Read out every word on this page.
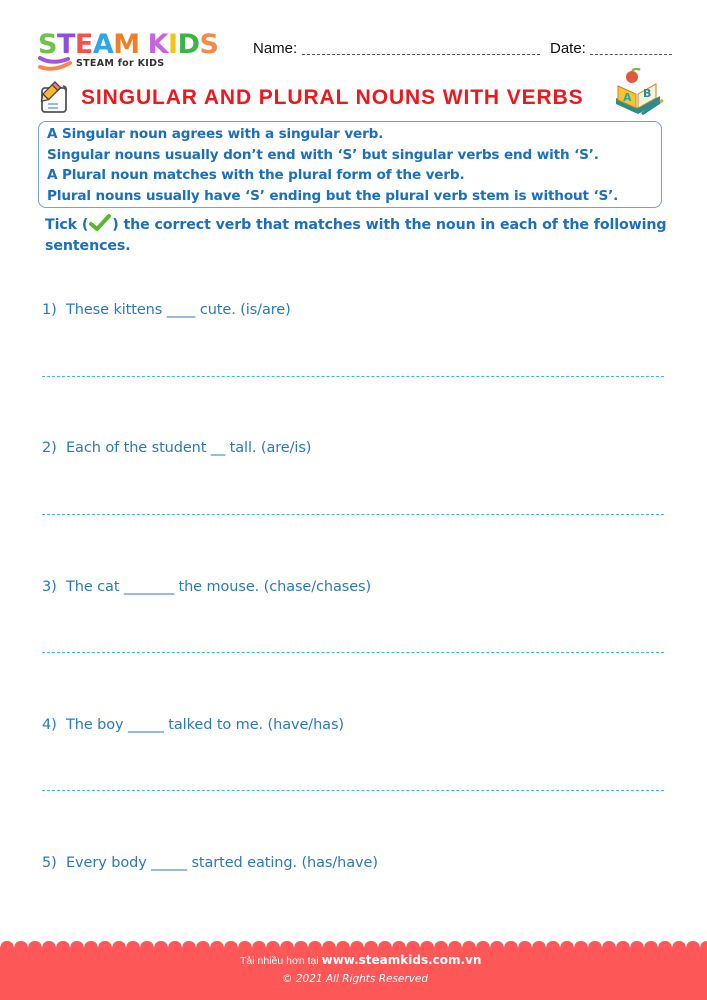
STEAM KIDS
STEAM for KIDS
Name:	Date:
SINGULAR AND PLURAL NOUNS WITH VERBS	A B
A Singular noun agrees with a singular verb.
Singular nouns usually don’t end with ‘S’ but singular verbs end with ‘S’.
A Plural noun matches with the plural form of the verb.
Plural nouns usually have ‘S’ ending but the plural verb stem is without ‘S’.
Tick ( ) the correct verb that matches with the noun in each of the following sentences.
1) These kittens ____ cute. (is/are)
2) Each of the student __ tall. (are/is)
3) The cat _______ the mouse. (chase/chases)
4) The boy _____ talked to me. (have/has)
5) Every body _____ started eating. (has/have)
Tải nhiều hơn tại www.steamkids.com.vn
© 2021 All Rights Reserved
